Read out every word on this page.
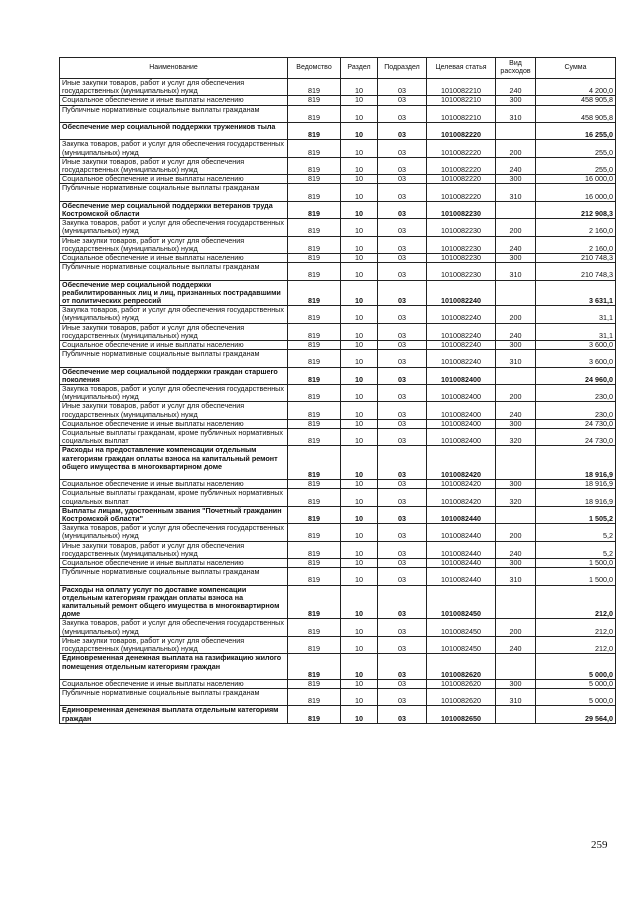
Наименование	Ведомство	Раздел	Подраздел	Целевая статья	Вид расходов	Сумма
Иные закупки товаров, работ и услуг для обеспечения государственных (муниципальных) нужд	819	10	03	1010082210	240	4 200,0
Социальное обеспечение и иные выплаты населению	819	10	03	1010082210	300	458 905,8
Публичные нормативные социальные выплаты гражданам	819	10	03	1010082210	310	458 905,8
Обеспечение мер социальной поддержки тружеников тыла	819	10	03	1010082220		16 255,0
Закупка товаров, работ и услуг для обеспечения государственных (муниципальных) нужд	819	10	03	1010082220	200	255,0
Иные закупки товаров, работ и услуг для обеспечения государственных (муниципальных) нужд	819	10	03	1010082220	240	255,0
Социальное обеспечение и иные выплаты населению	819	10	03	1010082220	300	16 000,0
Публичные нормативные социальные выплаты гражданам	819	10	03	1010082220	310	16 000,0
Обеспечение мер социальной поддержки ветеранов труда Костромской области	819	10	03	1010082230		212 908,3
Закупка товаров, работ и услуг для обеспечения государственных (муниципальных) нужд	819	10	03	1010082230	200	2 160,0
Иные закупки товаров, работ и услуг для обеспечения государственных (муниципальных) нужд	819	10	03	1010082230	240	2 160,0
Социальное обеспечение и иные выплаты населению	819	10	03	1010082230	300	210 748,3
Публичные нормативные социальные выплаты гражданам	819	10	03	1010082230	310	210 748,3
Обеспечение мер социальной поддержки реабилитированных лиц и лиц, признанных пострадавшими от политических репрессий	819	10	03	1010082240		3 631,1
Закупка товаров, работ и услуг для обеспечения государственных (муниципальных) нужд	819	10	03	1010082240	200	31,1
Иные закупки товаров, работ и услуг для обеспечения государственных (муниципальных) нужд	819	10	03	1010082240	240	31,1
Социальное обеспечение и иные выплаты населению	819	10	03	1010082240	300	3 600,0
Публичные нормативные социальные выплаты гражданам	819	10	03	1010082240	310	3 600,0
Обеспечение мер социальной поддержки граждан старшего поколения	819	10	03	1010082400		24 960,0
Закупка товаров, работ и услуг для обеспечения государственных (муниципальных) нужд	819	10	03	1010082400	200	230,0
Иные закупки товаров, работ и услуг для обеспечения государственных (муниципальных) нужд	819	10	03	1010082400	240	230,0
Социальное обеспечение и иные выплаты населению	819	10	03	1010082400	300	24 730,0
Социальные выплаты гражданам, кроме публичных нормативных социальных выплат	819	10	03	1010082400	320	24 730,0
Расходы на предоставление компенсации отдельным категориям граждан оплаты взноса на капитальный ремонт общего имущества в многоквартирном доме	819	10	03	1010082420		18 916,9
Социальное обеспечение и иные выплаты населению	819	10	03	1010082420	300	18 916,9
Социальные выплаты гражданам, кроме публичных нормативных социальных выплат	819	10	03	1010082420	320	18 916,9
Выплаты лицам, удостоенным звания "Почетный гражданин Костромской области"	819	10	03	1010082440		1 505,2
Закупка товаров, работ и услуг для обеспечения государственных (муниципальных) нужд	819	10	03	1010082440	200	5,2
Иные закупки товаров, работ и услуг для обеспечения государственных (муниципальных) нужд	819	10	03	1010082440	240	5,2
Социальное обеспечение и иные выплаты населению	819	10	03	1010082440	300	1 500,0
Публичные нормативные социальные выплаты гражданам	819	10	03	1010082440	310	1 500,0
Расходы на оплату услуг по доставке компенсации отдельным категориям граждан оплаты взноса на капитальный ремонт общего имущества в многоквартирном доме	819	10	03	1010082450		212,0
Закупка товаров, работ и услуг для обеспечения государственных (муниципальных) нужд	819	10	03	1010082450	200	212,0
Иные закупки товаров, работ и услуг для обеспечения государственных (муниципальных) нужд	819	10	03	1010082450	240	212,0
Единовременная денежная выплата на газификацию жилого помещения отдельным категориям граждан	819	10	03	1010082620		5 000,0
Социальное обеспечение и иные выплаты населению	819	10	03	1010082620	300	5 000,0
Публичные нормативные социальные выплаты гражданам	819	10	03	1010082620	310	5 000,0
Единовременная денежная выплата отдельным категориям граждан	819	10	03	1010082650		29 564,0
259
